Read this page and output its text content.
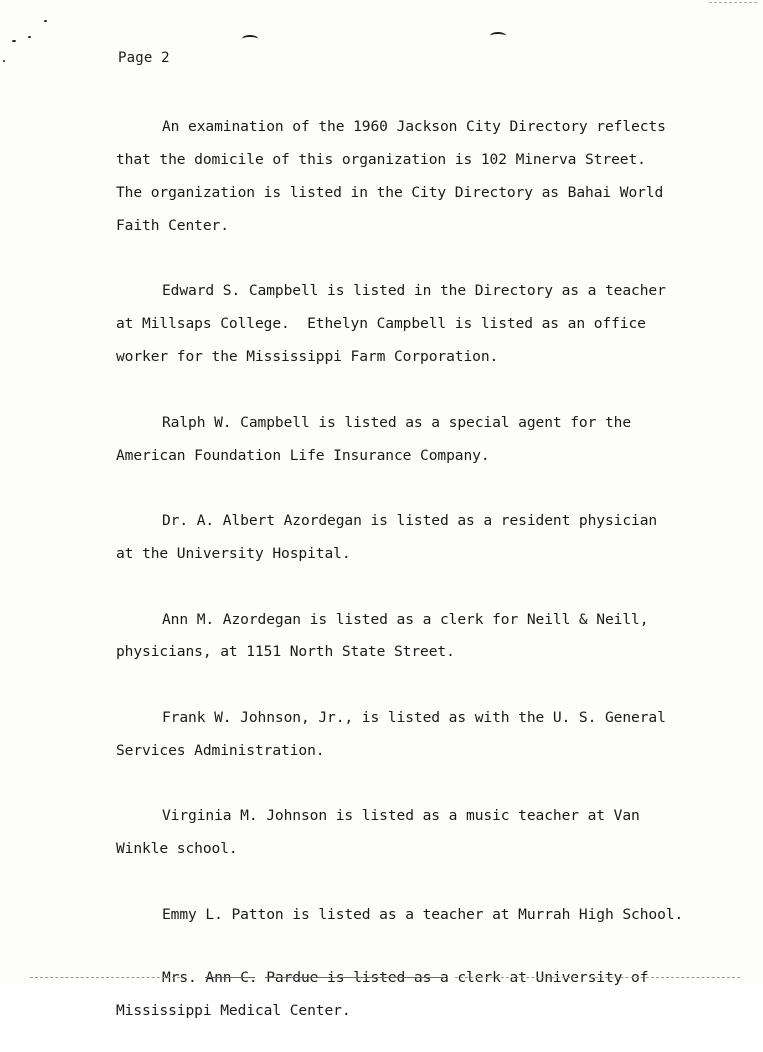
Page 2

An examination of the 1960 Jackson City Directory reflects

that the domicile of this organization is 102 Minerva Street.

The organization is listed in the City Directory as Bahai World

Faith Center.

Edward S. Campbell is listed in the Directory as a teacher

at Millsaps College.  Ethelyn Campbell is listed as an office

worker for the Mississippi Farm Corporation.

Ralph W. Campbell is listed as a special agent for the

American Foundation Life Insurance Company.

Dr. A. Albert Azordegan is listed as a resident physician

at the University Hospital.

Ann M. Azordegan is listed as a clerk for Neill & Neill,

physicians, at 1151 North State Street.

Frank W. Johnson, Jr., is listed as with the U. S. General

Services Administration.

Virginia M. Johnson is listed as a music teacher at Van

Winkle school.

Emmy L. Patton is listed as a teacher at Murrah High School.

Mrs. Ann C. Pardue is listed as a clerk at University of

Mississippi Medical Center.
